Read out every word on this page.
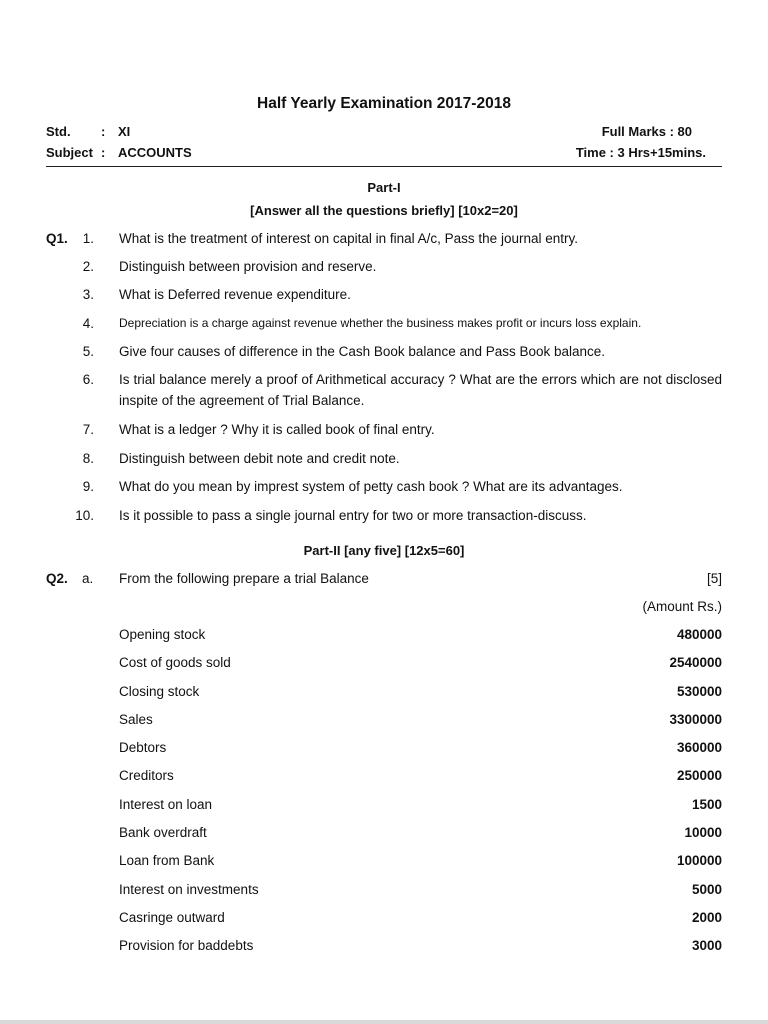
Half Yearly Examination 2017-2018
Std. : XI
Subject : ACCOUNTS
Full Marks : 80
Time : 3 Hrs+15mins.
Part-I
[Answer all the questions briefly] [10x2=20]
Q1.	1. What is the treatment of interest on capital in final A/c, Pass the journal entry.
2. Distinguish between provision and reserve.
3. What is Deferred revenue expenditure.
4. Depreciation is a charge against revenue whether the business makes profit or incurs loss explain.
5. Give four causes of difference in the Cash Book balance and Pass Book balance.
6. Is trial balance merely a proof of Arithmetical accuracy ? What are the errors which are not disclosed inspite of the agreement of Trial Balance.
7. What is a ledger ? Why it is called book of final entry.
8. Distinguish between debit note and credit note.
9. What do you mean by imprest system of petty cash book ? What are its advantages.
10. Is it possible to pass a single journal entry for two or more transaction-discuss.
Part-II [any five] [12x5=60]
Q2. a. From the following prepare a trial Balance	[5]
(Amount Rs.)
Opening stock	480000
Cost of goods sold	2540000
Closing stock	530000
Sales	3300000
Debtors	360000
Creditors	250000
Interest on loan	1500
Bank overdraft	10000
Loan from Bank	100000
Interest on investments	5000
Casringe outward	2000
Provision for baddebts	3000
